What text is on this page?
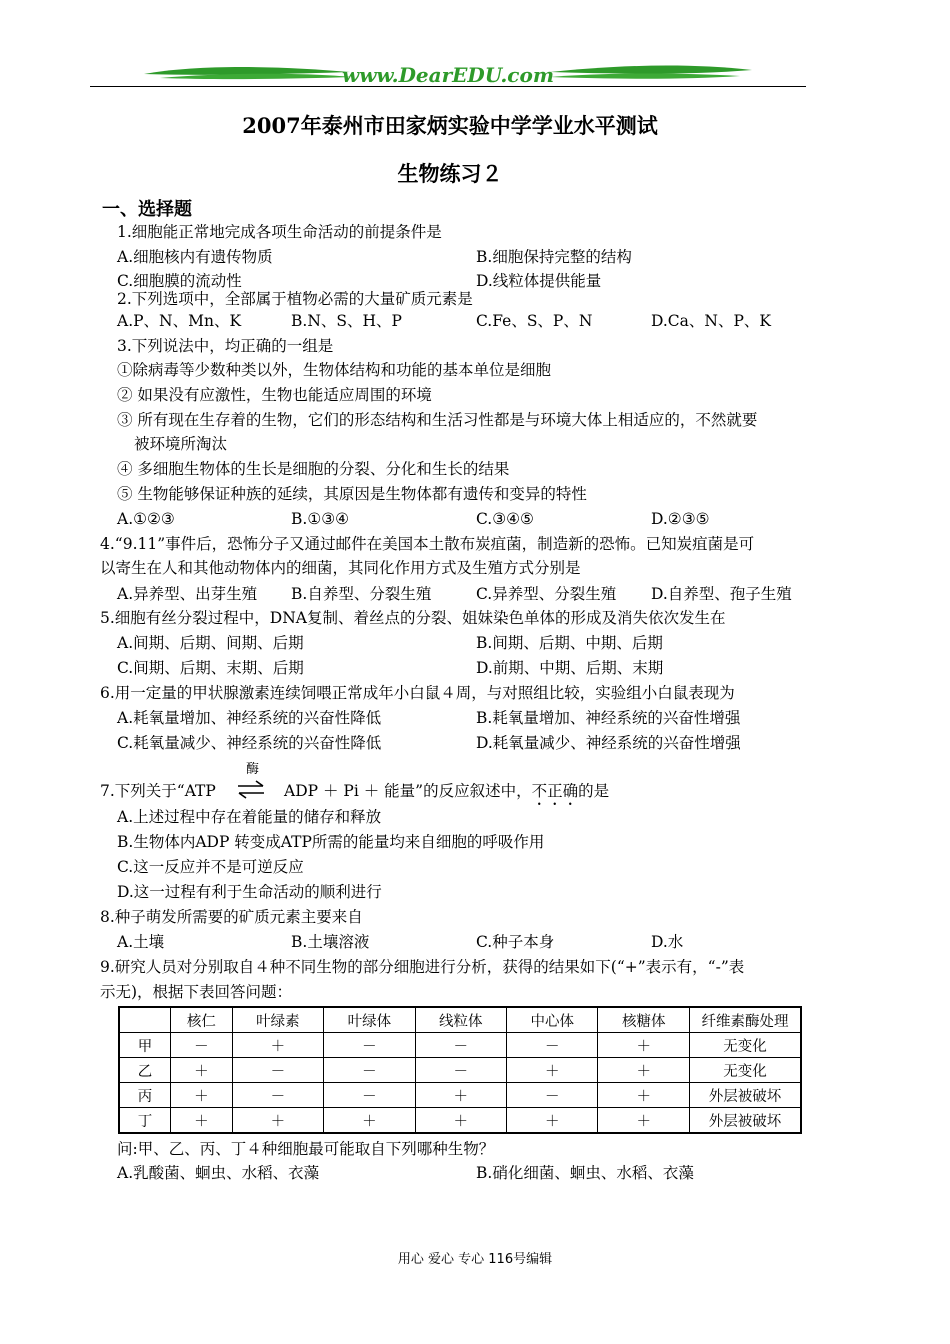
www.DearEDU.com
2007年泰州市田家炳实验中学学业水平测试
生物练习２
一、选择题
1.细胞能正常地完成各项生命活动的前提条件是
A.细胞核内有遗传物质	B.细胞保持完整的结构
C.细胞膜的流动性	D.线粒体提供能量
2.下列选项中，全部属于植物必需的大量矿质元素是
A.P、N、Mn、K	B.N、S、H、P	C.Fe、S、P、N	D.Ca、N、P、K
3.下列说法中，均正确的一组是
①除病毒等少数种类以外，生物体结构和功能的基本单位是细胞
② 如果没有应激性，生物也能适应周围的环境
③ 所有现在生存着的生物，它们的形态结构和生活习性都是与环境大体上相适应的，不然就要
被环境所淘汰
④ 多细胞生物体的生长是细胞的分裂、分化和生长的结果
⑤ 生物能够保证种族的延续，其原因是生物体都有遗传和变异的特性
A.①②③	B.①③④	C.③④⑤	D.②③⑤
4.“9.11”事件后，恐怖分子又通过邮件在美国本土散布炭疽菌，制造新的恐怖。已知炭疽菌是可
以寄生在人和其他动物体内的细菌，其同化作用方式及生殖方式分别是
A.异养型、出芽生殖 B.自养型、分裂生殖	C.异养型、分裂生殖 D.自养型、孢子生殖
5.细胞有丝分裂过程中，DNA复制、着丝点的分裂、姐妹染色单体的形成及消失依次发生在
A.间期、后期、间期、后期	B.间期、后期、中期、后期
C.间期、后期、末期、后期	D.前期、中期、后期、末期
6.用一定量的甲状腺激素连续饲喂正常成年小白鼠４周，与对照组比较，实验组小白鼠表现为
A.耗氧量增加、神经系统的兴奋性降低	B.耗氧量增加、神经系统的兴奋性增强
C.耗氧量减少、神经系统的兴奋性降低	D.耗氧量减少、神经系统的兴奋性增强
酶
7.下列关于“ATP ⇌ ADP ＋ Pi ＋ 能量”的反应叙述中，不正确的是
A.上述过程中存在着能量的储存和释放
B.生物体内ADP 转变成ATP所需的能量均来自细胞的呼吸作用
C.这一反应并不是可逆反应
D.这一过程有利于生命活动的顺利进行
8.种子萌发所需要的矿质元素主要来自
A.土壤	B.土壤溶液	C.种子本身	D.水
9.研究人员对分别取自４种不同生物的部分细胞进行分析，获得的结果如下(“+”表示有，“-”表
示无)，根据下表回答问题：
	核仁	叶绿素	叶绿体	线粒体	中心体	核糖体	纤维素酶处理
甲	－	＋	－	－	－	＋	无变化
乙	＋	－	－	－	＋	＋	无变化
丙	＋	－	－	＋	－	＋	外层被破坏
丁	＋	＋	＋	＋	＋	＋	外层被破坏
问:甲、乙、丙、丁４种细胞最可能取自下列哪种生物？
A.乳酸菌、蛔虫、水稻、衣藻	B.硝化细菌、蛔虫、水稻、衣藻
用心 爱心 专心 116号编辑
